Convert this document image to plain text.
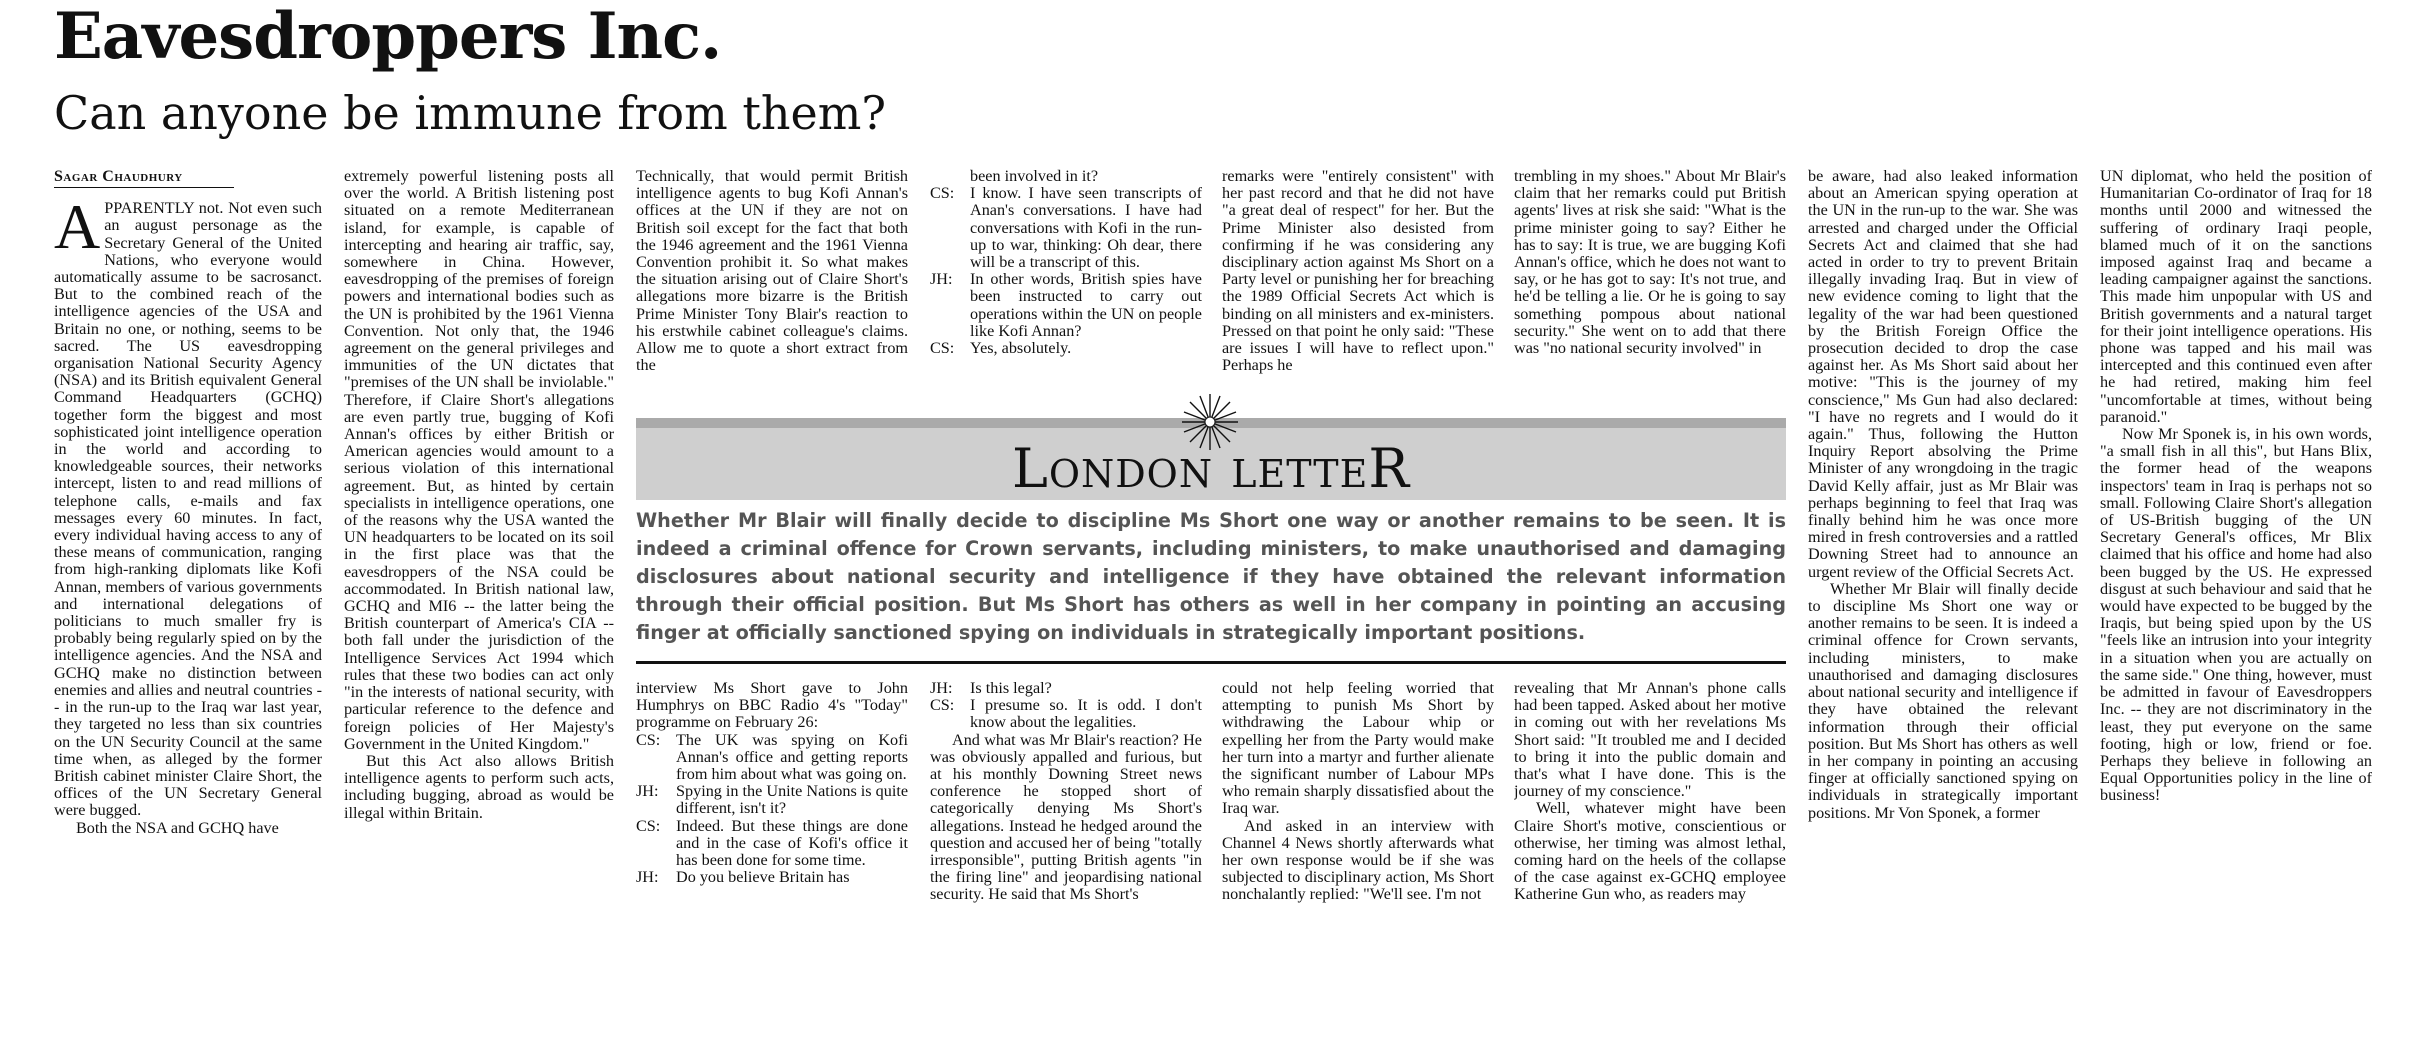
Eavesdroppers Inc.
Can anyone be immune from them?
Sagar Chaudhury

APPARENTLY not. Not even such an august personage as the Secretary General of the United Nations, who everyone would automatically assume to be sacrosanct. But to the combined reach of the intelligence agencies of the USA and Britain no one, or nothing, seems to be sacred. The US eavesdropping organisation National Security Agency (NSA) and its British equivalent General Command Headquarters (GCHQ) together form the biggest and most sophisticated joint intelligence operation in the world and according to knowledgeable sources, their networks intercept, listen to and read millions of telephone calls, e-mails and fax messages every 60 minutes. In fact, every individual having access to any of these means of communication, ranging from high-ranking diplomats like Kofi Annan, members of various governments and international delegations of politicians to much smaller fry is probably being regularly spied on by the intelligence agencies. And the NSA and GCHQ make no distinction between enemies and allies and neutral countries -- in the run-up to the Iraq war last year, they targeted no less than six countries on the UN Security Council at the same time when, as alleged by the former British cabinet minister Claire Short, the offices of the UN Secretary General were bugged.

Both the NSA and GCHQ have

extremely powerful listening posts all over the world. A British listening post situated on a remote Mediterranean island, for example, is capable of intercepting and hearing air traffic, say, somewhere in China. However, eavesdropping of the premises of foreign powers and international bodies such as the UN is prohibited by the 1961 Vienna Convention. Not only that, the 1946 agreement on the general privileges and immunities of the UN dictates that "premises of the UN shall be inviolable." Therefore, if Claire Short's allegations are even partly true, bugging of Kofi Annan's offices by either British or American agencies would amount to a serious violation of this international agreement. But, as hinted by certain specialists in intelligence operations, one of the reasons why the USA wanted the UN headquarters to be located on its soil in the first place was that the eavesdroppers of the NSA could be accommodated. In British national law, GCHQ and MI6 -- the latter being the British counterpart of America's CIA -- both fall under the jurisdiction of the Intelligence Services Act 1994 which rules that these two bodies can act only "in the interests of national security, with particular reference to the defence and foreign policies of Her Majesty's Government in the United Kingdom."

But this Act also allows British intelligence agents to perform such acts, including bugging, abroad as would be illegal within Britain.

Technically, that would permit British intelligence agents to bug Kofi Annan's offices at the UN if they are not on British soil except for the fact that both the 1946 agreement and the 1961 Vienna Convention prohibit it. So what makes the situation arising out of Claire Short's allegations more bizarre is the British Prime Minister Tony Blair's reaction to his erstwhile cabinet colleague's claims. Allow me to quote a short extract from the

been involved in it?

CS: I know. I have seen transcripts of Anan's conversations. I have had conversations with Kofi in the run-up to war, thinking: Oh dear, there will be a transcript of this.
JH:	In other words, British spies have been instructed to carry out operations within the UN on people like Kofi Annan?
CS: Yes, absolutely.

remarks were "entirely consistent" with her past record and that he did not have "a great deal of respect" for her. But the Prime Minister also desisted from confirming if he was considering any disciplinary action against Ms Short on a Party level or punishing her for breaching the 1989 Official Secrets Act which is binding on all ministers and ex-ministers. Pressed on that point he only said: "These are issues I will have to reflect upon." Perhaps he

trembling in my shoes." About Mr Blair's claim that her remarks could put British agents' lives at risk she said: "What is the prime minister going to say? Either he has to say: It is true, we are bugging Kofi Annan's office, which he does not want to say, or he has got to say: It's not true, and he'd be telling a lie. Or he is going to say something pompous about national security." She went on to add that there was "no national security involved" in

London letteR
Whether Mr Blair will finally decide to discipline Ms Short one way or another remains to be seen. It is indeed a criminal offence for Crown servants, including ministers, to make unauthorised and damaging disclosures about national security and intelligence if they have obtained the relevant information through their official position. But Ms Short has others as well in her company in pointing an accusing finger at officially sanctioned spying on individuals in strategically important positions.

interview Ms Short gave to John Humphrys on BBC Radio 4's "Today" programme on February 26:

CS: The UK was spying on Kofi Annan's office and getting reports from him about what was going on.
JH:	Spying in the Unite Nations is quite different, isn't it?
CS: Indeed. But these things are done and in the case of Kofi's office it has been done for some time.
JH:	Do you believe Britain has
JH:	Is this legal?
CS: I presume so. It is odd. I don't know about the legalities.

And what was Mr Blair's reaction? He was obviously appalled and furious, but at his monthly Downing Street news conference he stopped short of categorically denying Ms Short's allegations. Instead he hedged around the question and accused her of being "totally irresponsible", putting British agents "in the firing line" and jeopardising national security. He said that Ms Short's

could not help feeling worried that attempting to punish Ms Short by withdrawing the Labour whip or expelling her from the Party would make her turn into a martyr and further alienate the significant number of Labour MPs who remain sharply dissatisfied about the Iraq war.

And asked in an interview with Channel 4 News shortly afterwards what her own response would be if she was subjected to disciplinary action, Ms Short nonchalantly replied: "We'll see. I'm not

revealing that Mr Annan's phone calls had been tapped. Asked about her motive in coming out with her revelations Ms Short said: "It troubled me and I decided to bring it into the public domain and that's what I have done. This is the journey of my conscience."

Well, whatever might have been Claire Short's motive, conscientious or otherwise, her timing was almost lethal, coming hard on the heels of the collapse of the case against ex-GCHQ employee Katherine Gun who, as readers may

be aware, had also leaked information about an American spying operation at the UN in the run-up to the war. She was arrested and charged under the Official Secrets Act and claimed that she had acted in order to try to prevent Britain illegally invading Iraq. But in view of new evidence coming to light that the legality of the war had been questioned by the British Foreign Office the prosecution decided to drop the case against her. As Ms Short said about her motive: "This is the journey of my conscience," Ms Gun had also declared: "I have no regrets and I would do it again." Thus, following the Hutton Inquiry Report absolving the Prime Minister of any wrongdoing in the tragic David Kelly affair, just as Mr Blair was perhaps beginning to feel that Iraq was finally behind him he was once more mired in fresh controversies and a rattled Downing Street had to announce an urgent review of the Official Secrets Act.

Whether Mr Blair will finally decide to discipline Ms Short one way or another remains to be seen. It is indeed a criminal offence for Crown servants, including ministers, to make unauthorised and damaging disclosures about national security and intelligence if they have obtained the relevant information through their official position. But Ms Short has others as well in her company in pointing an accusing finger at officially sanctioned spying on individuals in strategically important positions. Mr Von Sponek, a former

UN diplomat, who held the position of Humanitarian Co-ordinator of Iraq for 18 months until 2000 and witnessed the suffering of ordinary Iraqi people, blamed much of it on the sanctions imposed against Iraq and became a leading campaigner against the sanctions. This made him unpopular with US and British governments and a natural target for their joint intelligence operations. His phone was tapped and his mail was intercepted and this continued even after he had retired, making him feel "uncomfortable at times, without being paranoid."

Now Mr Sponek is, in his own words, "a small fish in all this", but Hans Blix, the former head of the weapons inspectors' team in Iraq is perhaps not so small. Following Claire Short's allegation of US-British bugging of the UN Secretary General's offices, Mr Blix claimed that his office and home had also been bugged by the US. He expressed disgust at such behaviour and said that he would have expected to be bugged by the Iraqis, but being spied upon by the US "feels like an intrusion into your integrity in a situation when you are actually on the same side." One thing, however, must be admitted in favour of Eavesdroppers Inc. -- they are not discriminatory in the least, they put everyone on the same footing, high or low, friend or foe. Perhaps they believe in following an Equal Opportunities policy in the line of business!
